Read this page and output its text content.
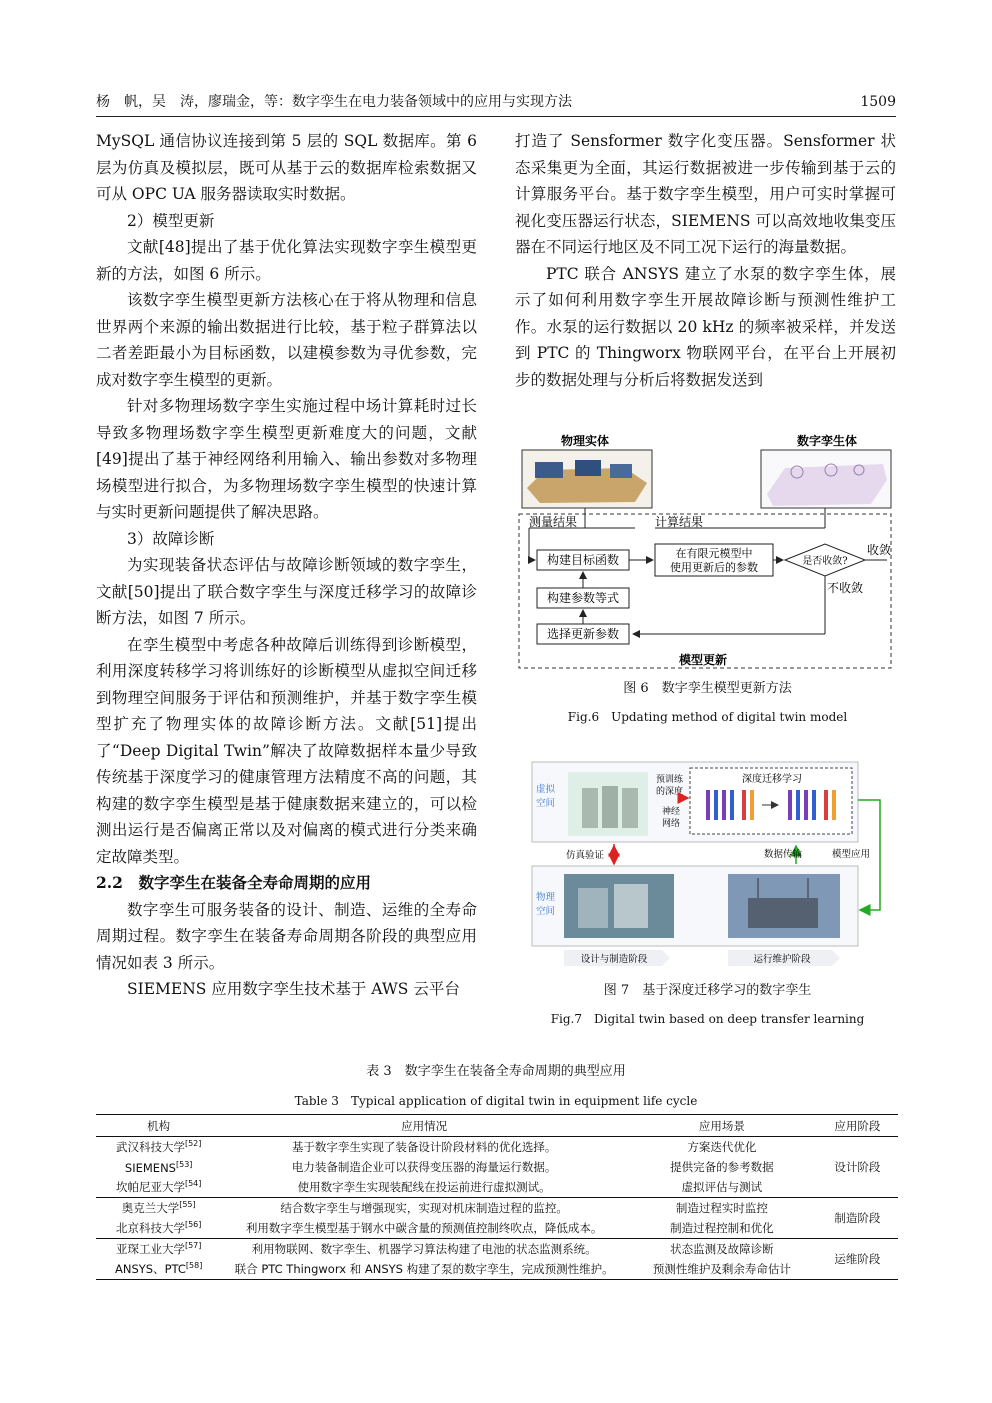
杨　帆，吴　涛，廖瑞金，等：数字孪生在电力装备领域中的应用与实现方法	1509

MySQL 通信协议连接到第 5 层的 SQL 数据库。第 6 层为仿真及模拟层，既可从基于云的数据库检索数据又可从 OPC UA 服务器读取实时数据。

2）模型更新

文献[48]提出了基于优化算法实现数字孪生模型更新的方法，如图 6 所示。

该数字孪生模型更新方法核心在于将从物理和信息世界两个来源的输出数据进行比较，基于粒子群算法以二者差距最小为目标函数，以建模参数为寻优参数，完成对数字孪生模型的更新。

针对多物理场数字孪生实施过程中场计算耗时过长导致多物理场数字孪生模型更新难度大的问题，文献[49]提出了基于神经网络利用输入、输出参数对多物理场模型进行拟合，为多物理场数字孪生模型的快速计算与实时更新问题提供了解决思路。

3）故障诊断

为实现装备状态评估与故障诊断领域的数字孪生，文献[50]提出了联合数字孪生与深度迁移学习的故障诊断方法，如图 7 所示。

在孪生模型中考虑各种故障后训练得到诊断模型，利用深度转移学习将训练好的诊断模型从虚拟空间迁移到物理空间服务于评估和预测维护，并基于数字孪生模型扩充了物理实体的故障诊断方法。文献[51]提出了“Deep Digital Twin”解决了故障数据样本量少导致传统基于深度学习的健康管理方法精度不高的问题，其构建的数字孪生模型是基于健康数据来建立的，可以检测出运行是否偏离正常以及对偏离的模式进行分类来确定故障类型。

2.2　数字孪生在装备全寿命周期的应用

数字孪生可服务装备的设计、制造、运维的全寿命周期过程。数字孪生在装备寿命周期各阶段的典型应用情况如表 3 所示。

SIEMENS 应用数字孪生技术基于 AWS 云平台

打造了 Sensformer 数字化变压器。Sensformer 状态采集更为全面，其运行数据被进一步传输到基于云的计算服务平台。基于数字孪生模型，用户可实时掌握可视化变压器运行状态，SIEMENS 可以高效地收集变压器在不同运行地区及不同工况下运行的海量数据。

PTC 联合 ANSYS 建立了水泵的数字孪生体，展示了如何利用数字孪生开展故障诊断与预测性维护工作。水泵的运行数据以 20 kHz 的频率被采样，并发送到 PTC 的 Thingworx 物联网平台，在平台上开展初步的数据处理与分析后将数据发送到

物理实体	数字孪生体
模型更新
测量结果	计算结果
构建目标函数	在有限元模型中
使用更新后的参数	是否收敛?
收敛
不收敛
构建参数等式
选择更新参数
图 6　数字孪生模型更新方法
Fig.6　Updating method of digital twin model
虚拟
空间
预训练
的深度
神经
网络
深度迁移学习
仿真验证	数据传输	模型应用
物理
空间
设计与制造阶段	运行维护阶段
图 7　基于深度迁移学习的数字孪生
Fig.7　Digital twin based on deep transfer learning
表 3　数字孪生在装备全寿命周期的典型应用
Table 3　Typical application of digital twin in equipment life cycle
机构	应用情况	应用场景	应用阶段
武汉科技大学[52]	基于数字孪生实现了装备设计阶段材料的优化选择。	方案迭代优化	设计阶段
SIEMENS[53]	电力装备制造企业可以获得变压器的海量运行数据。	提供完备的参考数据	
坎帕尼亚大学[54]	使用数字孪生实现装配线在投运前进行虚拟测试。	虚拟评估与测试	
奥克兰大学[55]	结合数字孪生与增强现实，实现对机床制造过程的监控。	制造过程实时监控	制造阶段
北京科技大学[56]	利用数字孪生模型基于钢水中碳含量的预测值控制终吹点，降低成本。	制造过程控制和优化	
亚琛工业大学[57]	利用物联网、数字孪生、机器学习算法构建了电池的状态监测系统。	状态监测及故障诊断	运维阶段
ANSYS、PTC[58]	联合 PTC Thingworx 和 ANSYS 构建了泵的数字孪生，完成预测性维护。	预测性维护及剩余寿命估计	
